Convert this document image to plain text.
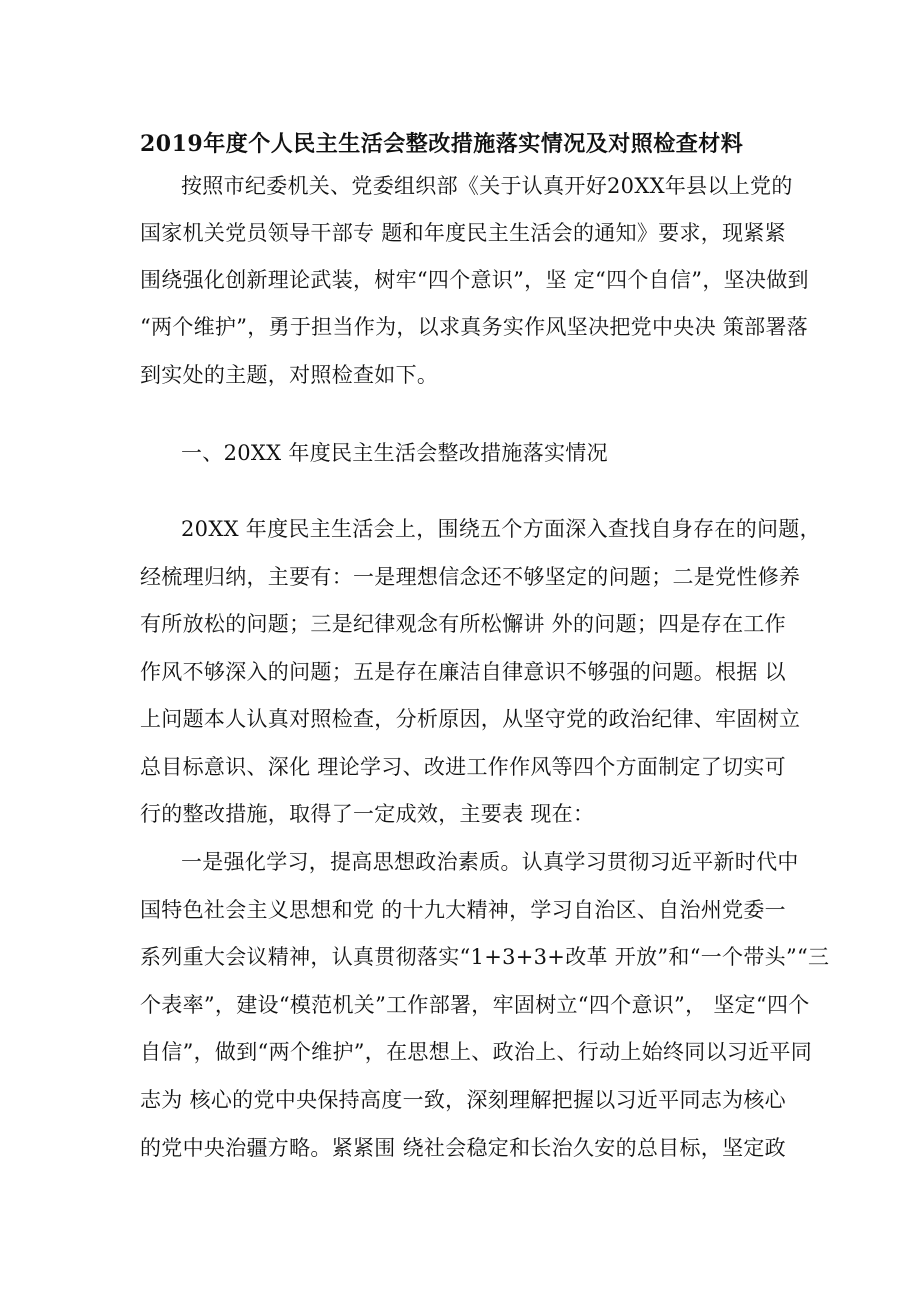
2019年度个人民主生活会整改措施落实情况及对照检查材料
按照市纪委机关、党委组织部《关于认真开好20XX年县以上党的
国家机关党员领导干部专 题和年度民主生活会的通知》要求，现紧紧
围绕强化创新理论武装，树牢“四个意识”，坚 定“四个自信”，坚决做到
“两个维护”，勇于担当作为，以求真务实作风坚决把党中央决 策部署落
到实处的主题，对照检查如下。
一、20XX 年度民主生活会整改措施落实情况
20XX 年度民主生活会上，围绕五个方面深入查找自身存在的问题，
经梳理归纳，主要有：一是理想信念还不够坚定的问题；二是党性修养
有所放松的问题；三是纪律观念有所松懈讲 外的问题；四是存在工作
作风不够深入的问题；五是存在廉洁自律意识不够强的问题。根据 以
上问题本人认真对照检查，分析原因，从坚守党的政治纪律、牢固树立
总目标意识、深化 理论学习、改进工作作风等四个方面制定了切实可
行的整改措施，取得了一定成效，主要表 现在：
一是强化学习，提高思想政治素质。认真学习贯彻习近平新时代中
国特色社会主义思想和党 的十九大精神，学习自治区、自治州党委一
系列重大会议精神，认真贯彻落实“1+3+3+改革 开放”和“一个带头”“三
个表率”，建设“模范机关”工作部署，牢固树立“四个意识”， 坚定“四个
自信”，做到“两个维护”，在思想上、政治上、行动上始终同以习近平同
志为 核心的党中央保持高度一致，深刻理解把握以习近平同志为核心
的党中央治疆方略。紧紧围 绕社会稳定和长治久安的总目标，坚定政
